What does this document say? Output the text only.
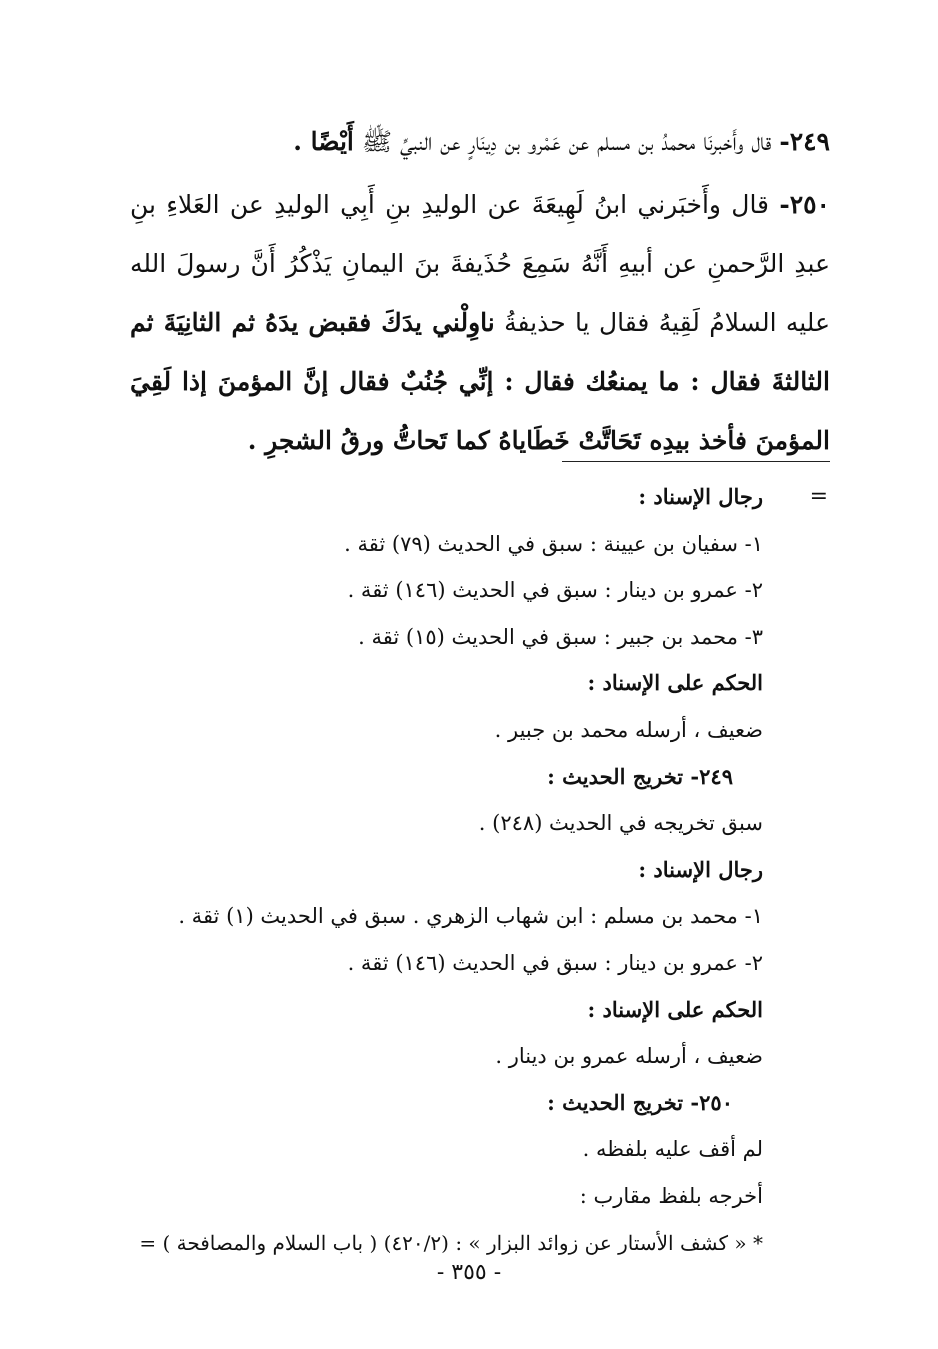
٢٤٩- قال وأَخبرنَا محمدُ بن مسلم عن عَمْرو بن دِينَارٍ عن النبيِّ ﷺ أَيْضًا .

٢٥٠- قال وأَخبَرني ابنُ لَهِيعَةَ عن الوليدِ بنِ أَبِي الوليدِ عن العَلاءِ بنِ عبدِ الرَّحمنِ عن أبيهِ أَنَّهُ سَمِعَ حُذَيفةَ بنَ اليمانِ يَذْكُرُ أَنَّ رسولَ الله عليه السلامُ لَقِيهُ فقال يا حذيفةُ ناوِلْني يدَكَ فقبض يدَهُ ثم الثانِيَةَ ثم الثالثةَ فقال : ما يمنعُك فقال : إنِّي جُنُبٌ فقال إنَّ المؤمنَ إذا لَقِيَ المؤمنَ فأخذ بيدِه تَحَاتَّتْ خَطَاياهُ كما تَحاتُّ ورقُ الشجرِ .

=
رجال الإسناد :
١- سفيان بن عيينة : سبق في الحديث (٧٩) ثقة .
٢- عمرو بن دينار : سبق في الحديث (١٤٦) ثقة .
٣- محمد بن جبير : سبق في الحديث (١٥) ثقة .
الحكم على الإسناد :
ضعيف ، أرسله محمد بن جبير .
٢٤٩- تخريج الحديث :
سبق تخريجه في الحديث (٢٤٨) .
رجال الإسناد :
١- محمد بن مسلم : ابن شهاب الزهري . سبق في الحديث (١) ثقة .
٢- عمرو بن دينار : سبق في الحديث (١٤٦) ثقة .
الحكم على الإسناد :
ضعيف ، أرسله عمرو بن دينار .
٢٥٠- تخريج الحديث :
لم أقف عليه بلفظه .
أخرجه بلفظ مقارب :
* « كشف الأستار عن زوائد البزار » : (٤٢٠/٢) ( باب السلام والمصافحة ) =
- ٣٥٥ -
